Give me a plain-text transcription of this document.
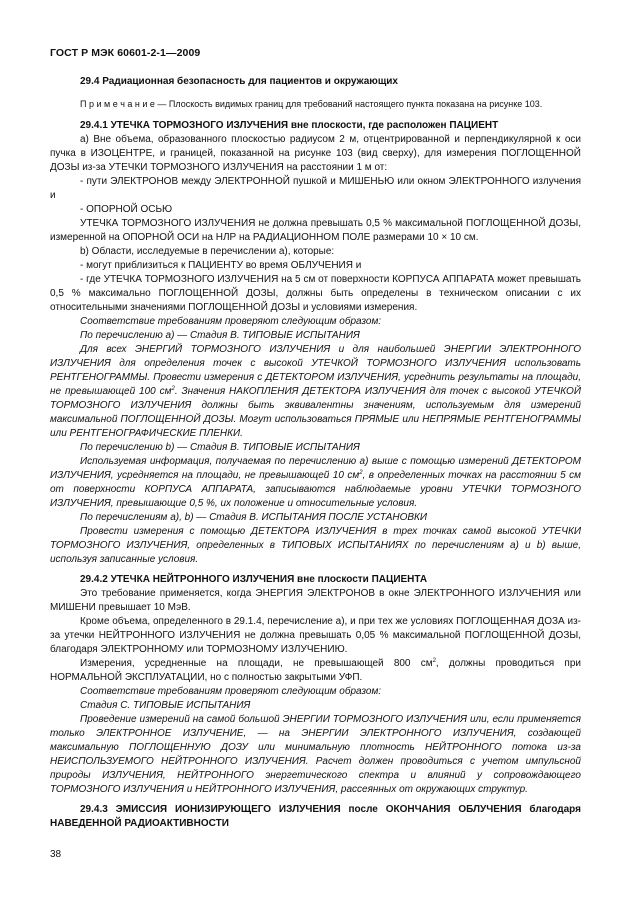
ГОСТ Р МЭК 60601-2-1—2009

29.4 Радиационная безопасность для пациентов и окружающих

П р и м е ч а н и е — Плоскость видимых границ для требований настоящего пункта показана на рисунке 103.

29.4.1 УТЕЧКА ТОРМОЗНОГО ИЗЛУЧЕНИЯ вне плоскости, где расположен ПАЦИЕНТ

а) Вне объема, образованного плоскостью радиусом 2 м, отцентрированной и перпендикулярной к оси пучка в ИЗОЦЕНТРЕ, и границей, показанной на рисунке 103 (вид сверху), для измерения ПОГЛОЩЕННОЙ ДОЗЫ из-за УТЕЧКИ ТОРМОЗНОГО ИЗЛУЧЕНИЯ на расстоянии 1 м от:

- пути ЭЛЕКТРОНОВ между ЭЛЕКТРОННОЙ пушкой и МИШЕНЬЮ или окном ЭЛЕКТРОННОГО излучения и

- ОПОРНОЙ ОСЬЮ

УТЕЧКА ТОРМОЗНОГО ИЗЛУЧЕНИЯ не должна превышать 0,5 % максимальной ПОГЛОЩЕННОЙ ДОЗЫ, измеренной на ОПОРНОЙ ОСИ на НЛР на РАДИАЦИОННОМ ПОЛЕ размерами 10 × 10 см.

b) Области, исследуемые в перечислении а), которые:

- могут приблизиться к ПАЦИЕНТУ во время ОБЛУЧЕНИЯ и

- где УТЕЧКА ТОРМОЗНОГО ИЗЛУЧЕНИЯ на 5 см от поверхности КОРПУСА АППАРАТА может превышать 0,5 % максимально ПОГЛОЩЕННОЙ ДОЗЫ, должны быть определены в техническом описании с их относительными значениями ПОГЛОЩЕННОЙ ДОЗЫ и условиями измерения.

Соответствие требованиям проверяют следующим образом:

По перечислению а) — Стадия В. ТИПОВЫЕ ИСПЫТАНИЯ

Для всех ЭНЕРГИЙ ТОРМОЗНОГО ИЗЛУЧЕНИЯ и для наибольшей ЭНЕРГИИ ЭЛЕКТРОННОГО ИЗЛУЧЕНИЯ для определения точек с высокой УТЕЧКОЙ ТОРМОЗНОГО ИЗЛУЧЕНИЯ использовать РЕНТГЕНОГРАММЫ. Провести измерения с ДЕТЕКТОРОМ ИЗЛУЧЕНИЯ, усреднить результаты на площади, не превышающей 100 $см^2$. Значения НАКОПЛЕНИЯ ДЕТЕКТОРА ИЗЛУЧЕНИЯ для точек с высокой УТЕЧКОЙ ТОРМОЗНОГО ИЗЛУЧЕНИЯ должны быть эквивалентны значениям, используемым для измерений максимальной ПОГЛОЩЕННОЙ ДОЗЫ. Могут использоваться ПРЯМЫЕ или НЕПРЯМЫЕ РЕНТГЕНОГРАММЫ или РЕНТГЕНОГРАФИЧЕСКИЕ ПЛЕНКИ.

По перечислению b) — Стадия В. ТИПОВЫЕ ИСПЫТАНИЯ

Используемая информация, получаемая по перечислению а) выше с помощью измерений ДЕТЕКТОРОМ ИЗЛУЧЕНИЯ, усредняется на площади, не превышающей 10 $см^2$, в определенных точках на расстоянии 5 см от поверхности КОРПУСА АППАРАТА, записываются наблюдаемые уровни УТЕЧКИ ТОРМОЗНОГО ИЗЛУЧЕНИЯ, превышающие 0,5 %, их положение и относительные условия.

По перечислениям а), b) — Стадия В. ИСПЫТАНИЯ ПОСЛЕ УСТАНОВКИ

Провести измерения с помощью ДЕТЕКТОРА ИЗЛУЧЕНИЯ в трех точках самой высокой УТЕЧКИ ТОРМОЗНОГО ИЗЛУЧЕНИЯ, определенных в ТИПОВЫХ ИСПЫТАНИЯХ по перечислениям а) и b) выше, используя записанные условия.

29.4.2 УТЕЧКА НЕЙТРОННОГО ИЗЛУЧЕНИЯ вне плоскости ПАЦИЕНТА

Это требование применяется, когда ЭНЕРГИЯ ЭЛЕКТРОНОВ в окне ЭЛЕКТРОННОГО ИЗЛУЧЕНИЯ или МИШЕНИ превышает 10 МэВ.

Кроме объема, определенного в 29.1.4, перечисление а), и при тех же условиях ПОГЛОЩЕННАЯ ДОЗА из-за утечки НЕЙТРОННОГО ИЗЛУЧЕНИЯ не должна превышать 0,05 % максимальной ПОГЛОЩЕННОЙ ДОЗЫ, благодаря ЭЛЕКТРОННОМУ или ТОРМОЗНОМУ ИЗЛУЧЕНИЮ.

Измерения, усредненные на площади, не превышающей 800 $см^2$, должны проводиться при НОРМАЛЬНОЙ ЭКСПЛУАТАЦИИ, но с полностью закрытыми УФП.

Соответствие требованиям проверяют следующим образом:

Стадия С. ТИПОВЫЕ ИСПЫТАНИЯ

Проведение измерений на самой большой ЭНЕРГИИ ТОРМОЗНОГО ИЗЛУЧЕНИЯ или, если применяется только ЭЛЕКТРОННОЕ ИЗЛУЧЕНИЕ, — на ЭНЕРГИИ ЭЛЕКТРОННОГО ИЗЛУЧЕНИЯ, создающей максимальную ПОГЛОЩЕННУЮ ДОЗУ или минимальную плотность НЕЙТРОННОГО потока из-за НЕИСПОЛЬЗУЕМОГО НЕЙТРОННОГО ИЗЛУЧЕНИЯ. Расчет должен проводиться с учетом импульсной природы ИЗЛУЧЕНИЯ, НЕЙТРОННОГО энергетического спектра и влияний у сопровождающего ТОРМОЗНОГО ИЗЛУЧЕНИЯ и НЕЙТРОННОГО ИЗЛУЧЕНИЯ, рассеянных от окружающих структур.

29.4.3 ЭМИССИЯ ИОНИЗИРУЮЩЕГО ИЗЛУЧЕНИЯ после ОКОНЧАНИЯ ОБЛУЧЕНИЯ благодаря НАВЕДЕННОЙ РАДИОАКТИВНОСТИ

38
